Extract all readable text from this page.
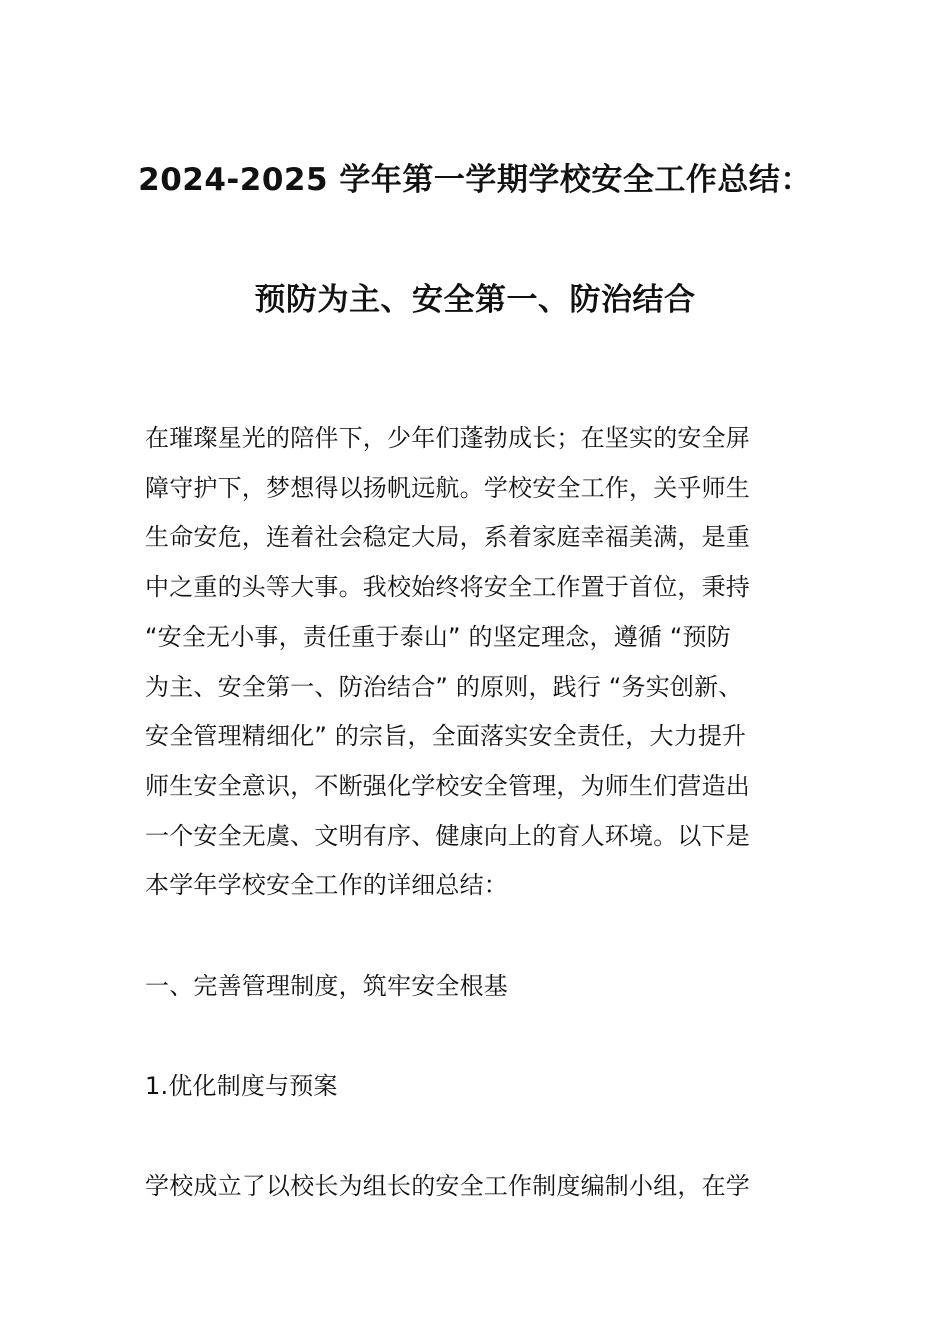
2024-2025 学年第一学期学校安全工作总结：
预防为主、安全第一、防治结合

在璀璨星光的陪伴下，少年们蓬勃成长；在坚实的安全屏
障守护下，梦想得以扬帆远航。学校安全工作，关乎师生
生命安危，连着社会稳定大局，系着家庭幸福美满，是重
中之重的头等大事。我校始终将安全工作置于首位，秉持
“安全无小事，责任重于泰山” 的坚定理念，遵循 “预防
为主、安全第一、防治结合” 的原则，践行 “务实创新、
安全管理精细化” 的宗旨，全面落实安全责任，大力提升
师生安全意识，不断强化学校安全管理，为师生们营造出
一个安全无虞、文明有序、健康向上的育人环境。以下是
本学年学校安全工作的详细总结：

一、完善管理制度，筑牢安全根基

1.优化制度与预案

学校成立了以校长为组长的安全工作制度编制小组，在学
